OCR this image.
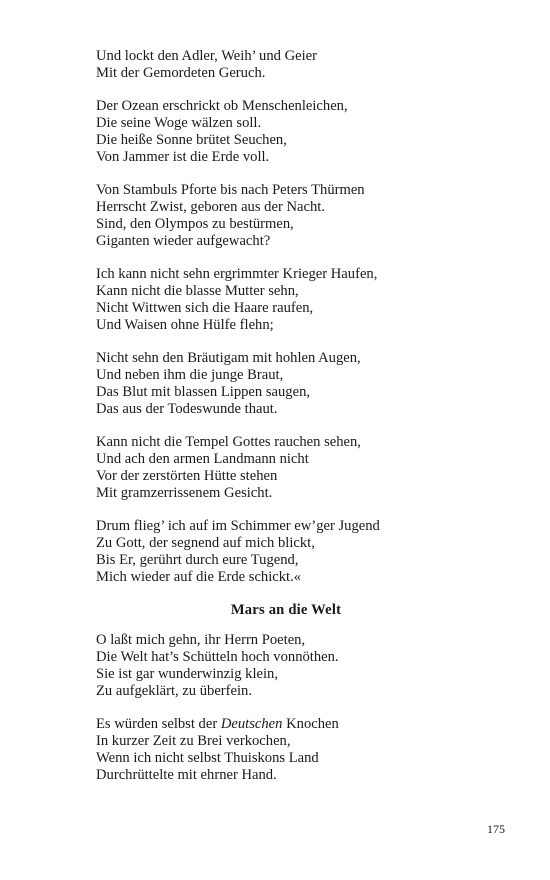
Und lockt den Adler, Weih’ und Geier
Mit der Gemordeten Geruch.
Der Ozean erschrickt ob Menschenleichen,
Die seine Woge wälzen soll.
Die heiße Sonne brütet Seuchen,
Von Jammer ist die Erde voll.
Von Stambuls Pforte bis nach Peters Thürmen
Herrscht Zwist, geboren aus der Nacht.
Sind, den Olympos zu bestürmen,
Giganten wieder aufgewacht?
Ich kann nicht sehn ergrimmter Krieger Haufen,
Kann nicht die blasse Mutter sehn,
Nicht Wittwen sich die Haare raufen,
Und Waisen ohne Hülfe flehn;
Nicht sehn den Bräutigam mit hohlen Augen,
Und neben ihm die junge Braut,
Das Blut mit blassen Lippen saugen,
Das aus der Todeswunde thaut.
Kann nicht die Tempel Gottes rauchen sehen,
Und ach den armen Landmann nicht
Vor der zerstörten Hütte stehen
Mit gramzerrissenem Gesicht.
Drum flieg’ ich auf im Schimmer ew’ger Jugend
Zu Gott, der segnend auf mich blickt,
Bis Er, gerührt durch eure Tugend,
Mich wieder auf die Erde schickt.«
Mars an die Welt
O laßt mich gehn, ihr Herrn Poeten,
Die Welt hat’s Schütteln hoch vonnöthen.
Sie ist gar wunderwinzig klein,
Zu aufgeklärt, zu überfein.
Es würden selbst der Deutschen Knochen
In kurzer Zeit zu Brei verkochen,
Wenn ich nicht selbst Thuiskons Land
Durchrüttelte mit ehrner Hand.
175
